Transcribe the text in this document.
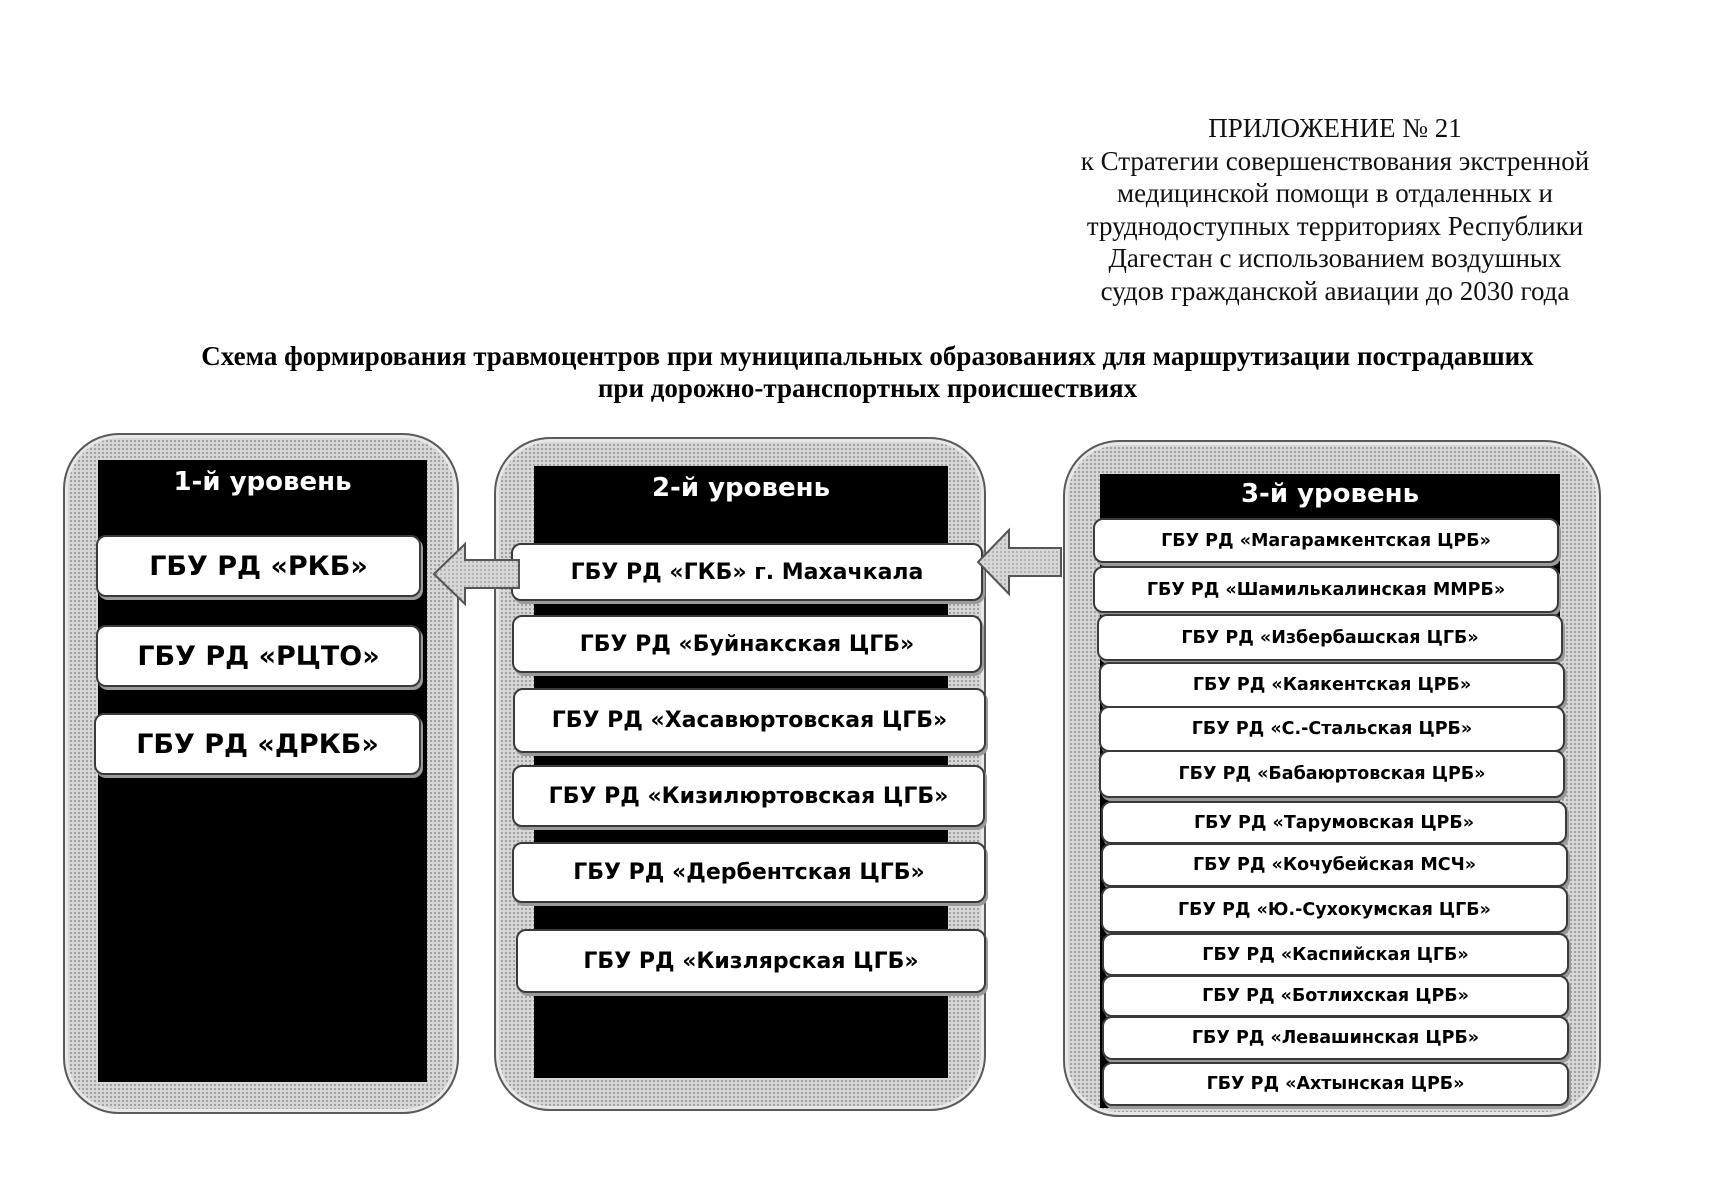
ПРИЛОЖЕНИЕ № 21

к Стратегии совершенствования экстренной

медицинской помощи в отдаленных и

труднодоступных территориях Республики

Дагестан с использованием воздушных

судов гражданской авиации до 2030 года

Схема формирования травмоцентров при муниципальных образованиях для маршрутизации пострадавших

при дорожно-транспортных происшествиях

1-й уровень
ГБУ РД «РКБ»
ГБУ РД «РЦТО»
ГБУ РД «ДРКБ»
2-й уровень
ГБУ РД «ГКБ» г. Махачкала
ГБУ РД «Буйнакская ЦГБ»
ГБУ РД «Хасавюртовская ЦГБ»
ГБУ РД «Кизилюртовская ЦГБ»
ГБУ РД «Дербентская ЦГБ»
ГБУ РД «Кизлярская ЦГБ»
3-й уровень
ГБУ РД «Магарамкентская ЦРБ»
ГБУ РД «Шамилькалинская ММРБ»
ГБУ РД «Избербашская ЦГБ»
ГБУ РД «Каякентская ЦРБ»
ГБУ РД «С.-Стальская ЦРБ»
ГБУ РД «Бабаюртовская ЦРБ»
ГБУ РД «Тарумовская ЦРБ»
ГБУ РД «Кочубейская МСЧ»
ГБУ РД «Ю.-Сухокумская ЦГБ»
ГБУ РД «Каспийская ЦГБ»
ГБУ РД «Ботлихская ЦРБ»
ГБУ РД «Левашинская ЦРБ»
ГБУ РД «Ахтынская ЦРБ»
